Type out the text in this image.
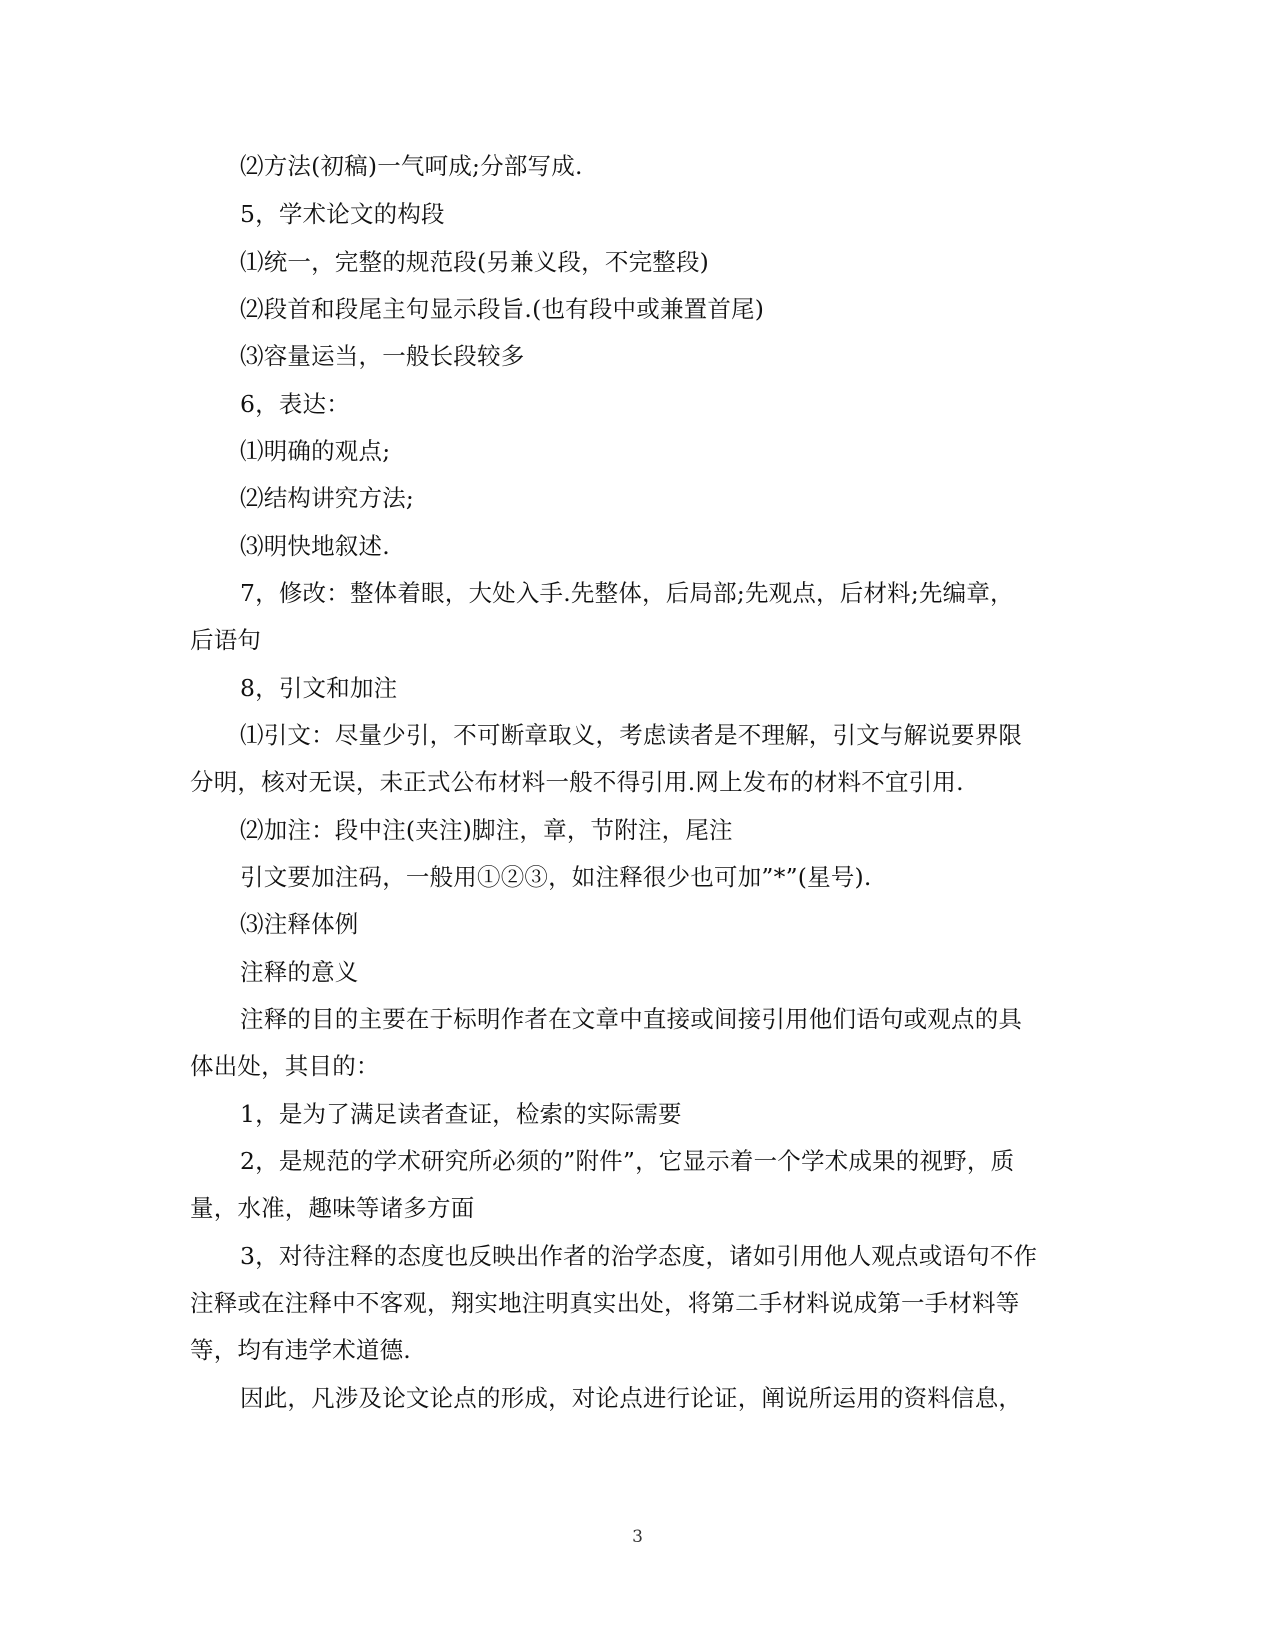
⑵方法(初稿)一气呵成;分部写成.
5，学术论文的构段
⑴统一，完整的规范段(另兼义段，不完整段)
⑵段首和段尾主句显示段旨.(也有段中或兼置首尾)
⑶容量运当，一般长段较多
6，表达：
⑴明确的观点;
⑵结构讲究方法;
⑶明快地叙述.
7，修改：整体着眼，大处入手.先整体，后局部;先观点，后材料;先编章，
后语句
8，引文和加注
⑴引文：尽量少引，不可断章取义，考虑读者是不理解，引文与解说要界限
分明，核对无误，未正式公布材料一般不得引用.网上发布的材料不宜引用.
⑵加注：段中注(夹注)脚注，章，节附注，尾注
引文要加注码，一般用①②③，如注释很少也可加”*”(星号).
⑶注释体例
注释的意义
注释的目的主要在于标明作者在文章中直接或间接引用他们语句或观点的具
体出处，其目的：
1，是为了满足读者查证，检索的实际需要
2，是规范的学术研究所必须的”附件”，它显示着一个学术成果的视野，质
量，水准，趣味等诸多方面
3，对待注释的态度也反映出作者的治学态度，诸如引用他人观点或语句不作
注释或在注释中不客观，翔实地注明真实出处，将第二手材料说成第一手材料等
等，均有违学术道德.
因此，凡涉及论文论点的形成，对论点进行论证，阐说所运用的资料信息，
3
